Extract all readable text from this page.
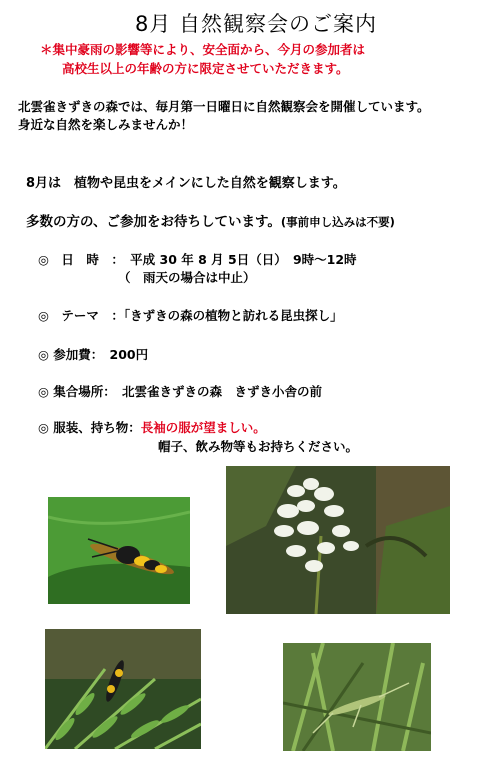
8月 自然観察会のご案内
＊集中豪雨の影響等により、安全面から、今月の参加者は
高校生以上の年齢の方に限定させていただきます。
北雲雀きずきの森では、毎月第一日曜日に自然観察会を開催しています。
身近な自然を楽しみませんか！
8月は　植物や昆虫をメインにした自然を観察します。
多数の方の、ご参加をお待ちしています。(事前申し込みは不要)
◎　日　時　：　平成 30 年 8 月 5日（日）　9時～12時
（　雨天の場合は中止）
◎　テーマ　：「きずきの森の植物と訪れる昆虫探し」
◎ 参加費：　200円
◎ 集合場所：　北雲雀きずきの森　きずき小舎の前
◎ 服装、持ち物：長袖の服が望ましい。
帽子、飲み物等もお持ちください。
